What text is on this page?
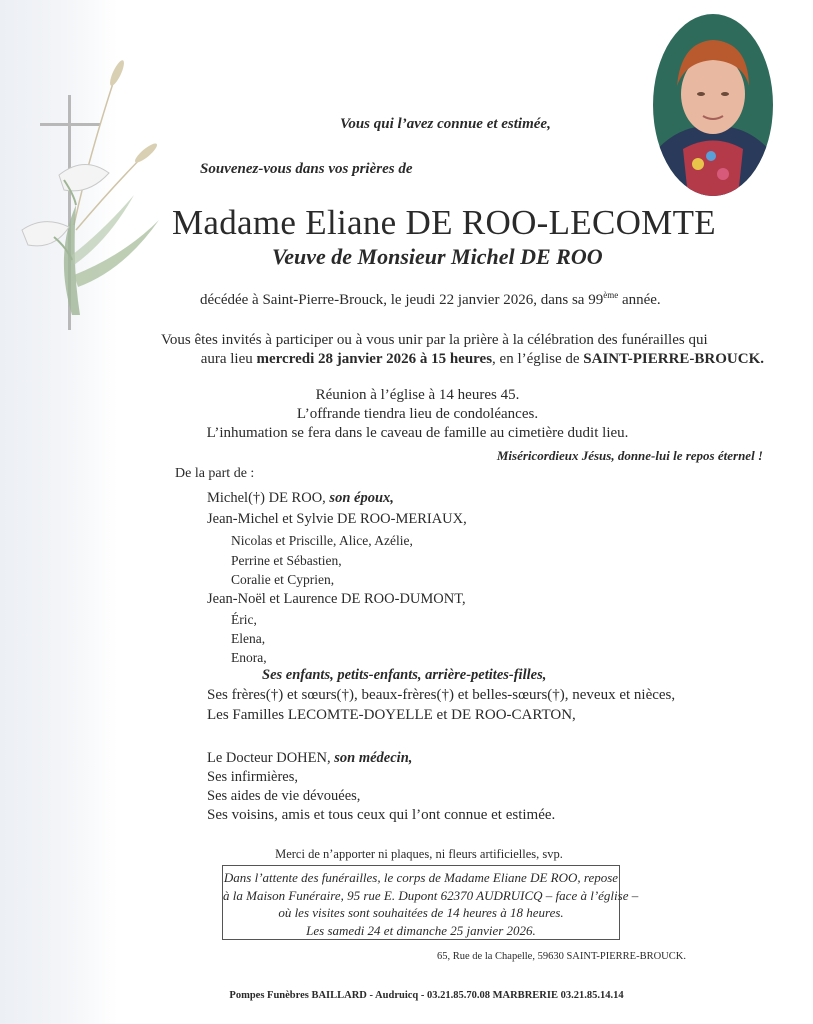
Vous qui l’avez connue et estimée,
Souvenez-vous dans vos prières de
Madame Eliane DE ROO-LECOMTE
Veuve de Monsieur Michel DE ROO
décédée à Saint-Pierre-Brouck, le jeudi 22 janvier 2026, dans sa 99ème année.
Vous êtes invités à participer ou à vous unir par la prière à la célébration des funérailles qui
aura lieu mercredi 28 janvier 2026 à 15 heures, en l’église de SAINT-PIERRE-BROUCK.
Réunion à l’église à 14 heures 45.
L’offrande tiendra lieu de condoléances.
L’inhumation se fera dans le caveau de famille au cimetière dudit lieu.
Miséricordieux Jésus, donne-lui le repos éternel !
De la part de :
Michel(†) DE ROO, son époux,
Jean-Michel et Sylvie DE ROO-MERIAUX,
Nicolas et Priscille, Alice, Azélie,
Perrine et Sébastien,
Coralie et Cyprien,
Jean-Noël et Laurence DE ROO-DUMONT,
Éric,
Elena,
Enora,
Ses enfants, petits-enfants, arrière-petites-filles,
Ses frères(†) et sœurs(†), beaux-frères(†) et belles-sœurs(†), neveux et nièces,
Les Familles LECOMTE-DOYELLE et DE ROO-CARTON,
Le Docteur DOHEN, son médecin,
Ses infirmières,
Ses aides de vie dévouées,
Ses voisins, amis et tous ceux qui l’ont connue et estimée.
Merci de n’apporter ni plaques, ni fleurs artificielles, svp.
Dans l’attente des funérailles, le corps de Madame Eliane DE ROO, repose
à la Maison Funéraire, 95 rue E. Dupont 62370 AUDRUICQ – face à l’église –
où les visites sont souhaitées de 14 heures à 18 heures.
Les samedi 24 et dimanche 25 janvier 2026.
65, Rue de la Chapelle, 59630 SAINT-PIERRE-BROUCK.
Pompes Funèbres BAILLARD - Audruicq - 03.21.85.70.08 MARBRERIE 03.21.85.14.14
